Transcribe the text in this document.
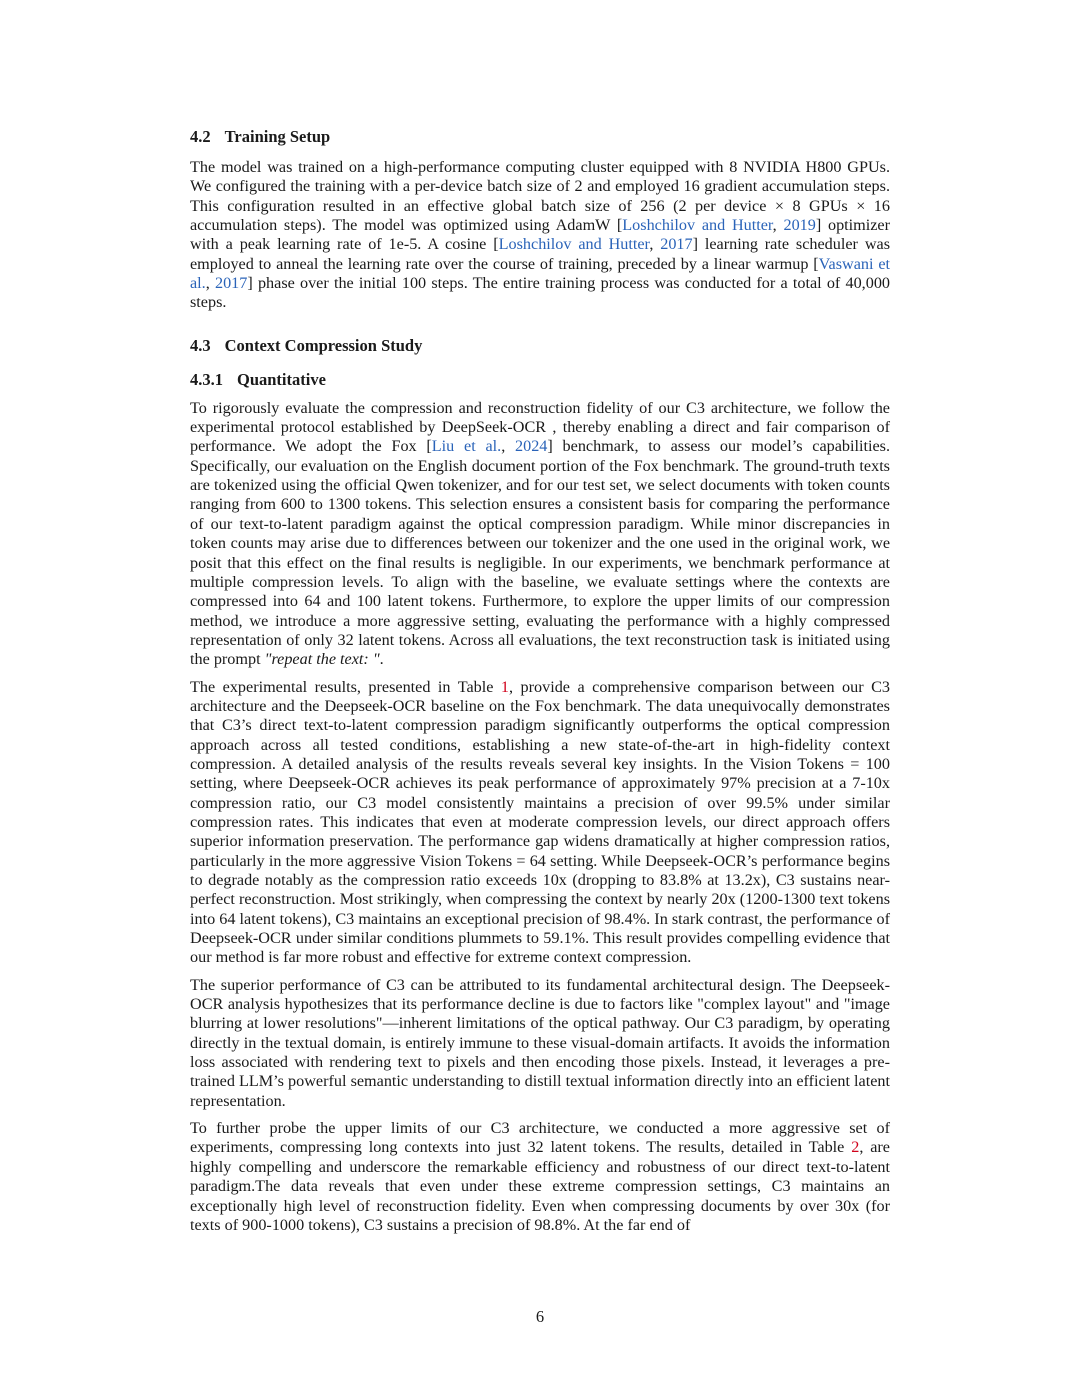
4.2 Training Setup

The model was trained on a high-performance computing cluster equipped with 8 NVIDIA H800 GPUs. We configured the training with a per-device batch size of 2 and employed 16 gradient accumulation steps. This configuration resulted in an effective global batch size of 256 (2 per device × 8 GPUs × 16 accumulation steps). The model was optimized using AdamW [Loshchilov and Hutter, 2019] optimizer with a peak learning rate of 1e-5. A cosine [Loshchilov and Hutter, 2017] learning rate scheduler was employed to anneal the learning rate over the course of training, preceded by a linear warmup [Vaswani et al., 2017] phase over the initial 100 steps. The entire training process was conducted for a total of 40,000 steps.

4.3 Context Compression Study
4.3.1 Quantitative

To rigorously evaluate the compression and reconstruction fidelity of our C3 architecture, we follow the experimental protocol established by DeepSeek-OCR , thereby enabling a direct and fair comparison of performance. We adopt the Fox [Liu et al., 2024] benchmark, to assess our model’s capabilities. Specifically, our evaluation on the English document portion of the Fox benchmark. The ground-truth texts are tokenized using the official Qwen tokenizer, and for our test set, we select documents with token counts ranging from 600 to 1300 tokens. This selection ensures a consistent basis for comparing the performance of our text-to-latent paradigm against the optical compression paradigm. While minor discrepancies in token counts may arise due to differences between our tokenizer and the one used in the original work, we posit that this effect on the final results is negligible. In our experiments, we benchmark performance at multiple compression levels. To align with the baseline, we evaluate settings where the contexts are compressed into 64 and 100 latent tokens. Furthermore, to explore the upper limits of our compression method, we introduce a more aggressive setting, evaluating the performance with a highly compressed representation of only 32 latent tokens. Across all evaluations, the text reconstruction task is initiated using the prompt "repeat the text: ".

The experimental results, presented in Table 1, provide a comprehensive comparison between our C3 architecture and the Deepseek-OCR baseline on the Fox benchmark. The data unequivocally demonstrates that C3’s direct text-to-latent compression paradigm significantly outperforms the optical compression approach across all tested conditions, establishing a new state-of-the-art in high-fidelity context compression. A detailed analysis of the results reveals several key insights. In the Vision Tokens = 100 setting, where Deepseek-OCR achieves its peak performance of approximately 97% precision at a 7-10x compression ratio, our C3 model consistently maintains a precision of over 99.5% under similar compression rates. This indicates that even at moderate compression levels, our direct approach offers superior information preservation. The performance gap widens dramatically at higher compression ratios, particularly in the more aggressive Vision Tokens = 64 setting. While Deepseek-OCR’s performance begins to degrade notably as the compression ratio exceeds 10x (dropping to 83.8% at 13.2x), C3 sustains near-perfect reconstruction. Most strikingly, when compressing the context by nearly 20x (1200-1300 text tokens into 64 latent tokens), C3 maintains an exceptional precision of 98.4%. In stark contrast, the performance of Deepseek-OCR under similar conditions plummets to 59.1%. This result provides compelling evidence that our method is far more robust and effective for extreme context compression.

The superior performance of C3 can be attributed to its fundamental architectural design. The Deepseek-OCR analysis hypothesizes that its performance decline is due to factors like "complex layout" and "image blurring at lower resolutions"—inherent limitations of the optical pathway. Our C3 paradigm, by operating directly in the textual domain, is entirely immune to these visual-domain artifacts. It avoids the information loss associated with rendering text to pixels and then encoding those pixels. Instead, it leverages a pre-trained LLM’s powerful semantic understanding to distill textual information directly into an efficient latent representation.

To further probe the upper limits of our C3 architecture, we conducted a more aggressive set of experiments, compressing long contexts into just 32 latent tokens. The results, detailed in Table 2, are highly compelling and underscore the remarkable efficiency and robustness of our direct text-to-latent paradigm.The data reveals that even under these extreme compression settings, C3 maintains an exceptionally high level of reconstruction fidelity. Even when compressing documents by over 30x (for texts of 900-1000 tokens), C3 sustains a precision of 98.8%. At the far end of

6
